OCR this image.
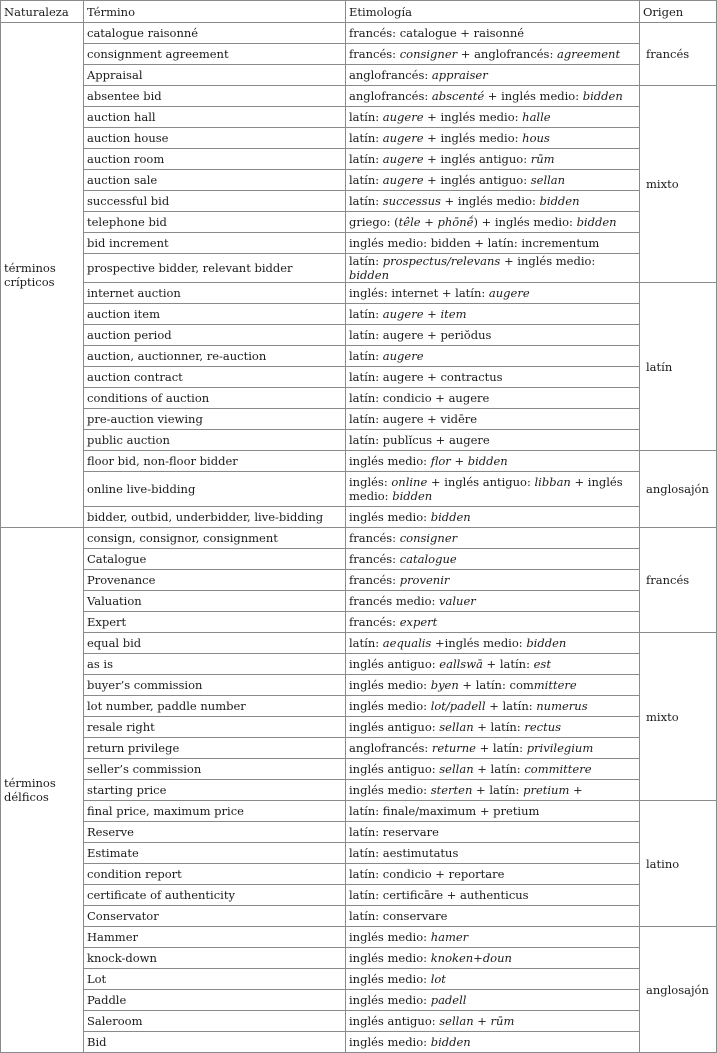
Naturaleza	Término	Etimología	Origen
términos crípticos	catalogue raisonné	francés: catalogue + raisonné	francés
	consignment agreement	francés: consigner + anglofrancés: agreement	
	Appraisal	anglofrancés: appraiser	
	absentee bid	anglofrancés: abscenté + inglés medio: bidden	mixto
	auction hall	latín: augere + inglés medio: halle	
	auction house	latín: augere + inglés medio: hous	
	auction room	latín: augere + inglés antiguo: rūm	
	auction sale	latín: augere + inglés antiguo: sellan	
	successful bid	latín: successus + inglés medio: bidden	
	telephone bid	griego: (têle + phōnḗ) + inglés medio: bidden	
	bid increment	inglés medio: bidden + latín: incrementum	
	prospective bidder, relevant bidder	latín: prospectus/relevans + inglés medio: bidden	
	internet auction	inglés: internet + latín: augere	latín
	auction item	latín: augere + item	
	auction period	latín: augere + periŏdus	
	auction, auctionner, re-auction	latín: augere	
	auction contract	latín: augere + contractus	
	conditions of auction	latín: condicio + augere	
	pre-auction viewing	latín: augere + vidēre	
	public auction	latín: publĭcus + augere	
	floor bid, non-floor bidder	inglés medio: flor + bidden	anglosajón
	online live-bidding	inglés: online + inglés antiguo: libban + inglés medio: bidden	
	bidder, outbid, underbidder, live-bidding	inglés medio: bidden	
términos délficos	consign, consignor, consignment	francés: consigner	francés
	Catalogue	francés: catalogue	
	Provenance	francés: provenir	
	Valuation	francés medio: valuer	
	Expert	francés: expert	
	equal bid	latín: aequalis +inglés medio: bidden	mixto
	as is	inglés antiguo: eallswā + latín: est	
	buyer’s commission	inglés medio: byen + latín: committere	
	lot number, paddle number	inglés medio: lot/padell + latín: numerus	
	resale right	inglés antiguo: sellan + latín: rectus	
	return privilege	anglofrancés: returne + latín: privilegium	
	seller’s commission	inglés antiguo: sellan + latín: committere	
	starting price	inglés medio: sterten + latín: pretium +	
	final price, maximum price	latín: finale/maximum + pretium	latino
	Reserve	latín: reservare	
	Estimate	latín: aestimutatus	
	condition report	latín: condicio + reportare	
	certificate of authenticity	latín: certificāre + authenticus	
	Conservator	latín: conservare	
	Hammer	inglés medio: hamer	anglosajón
	knock-down	inglés medio: knoken+doun	
	Lot	inglés medio: lot	
	Paddle	inglés medio: padell	
	Saleroom	inglés antiguo: sellan + rūm	
	Bid	inglés medio: bidden	
